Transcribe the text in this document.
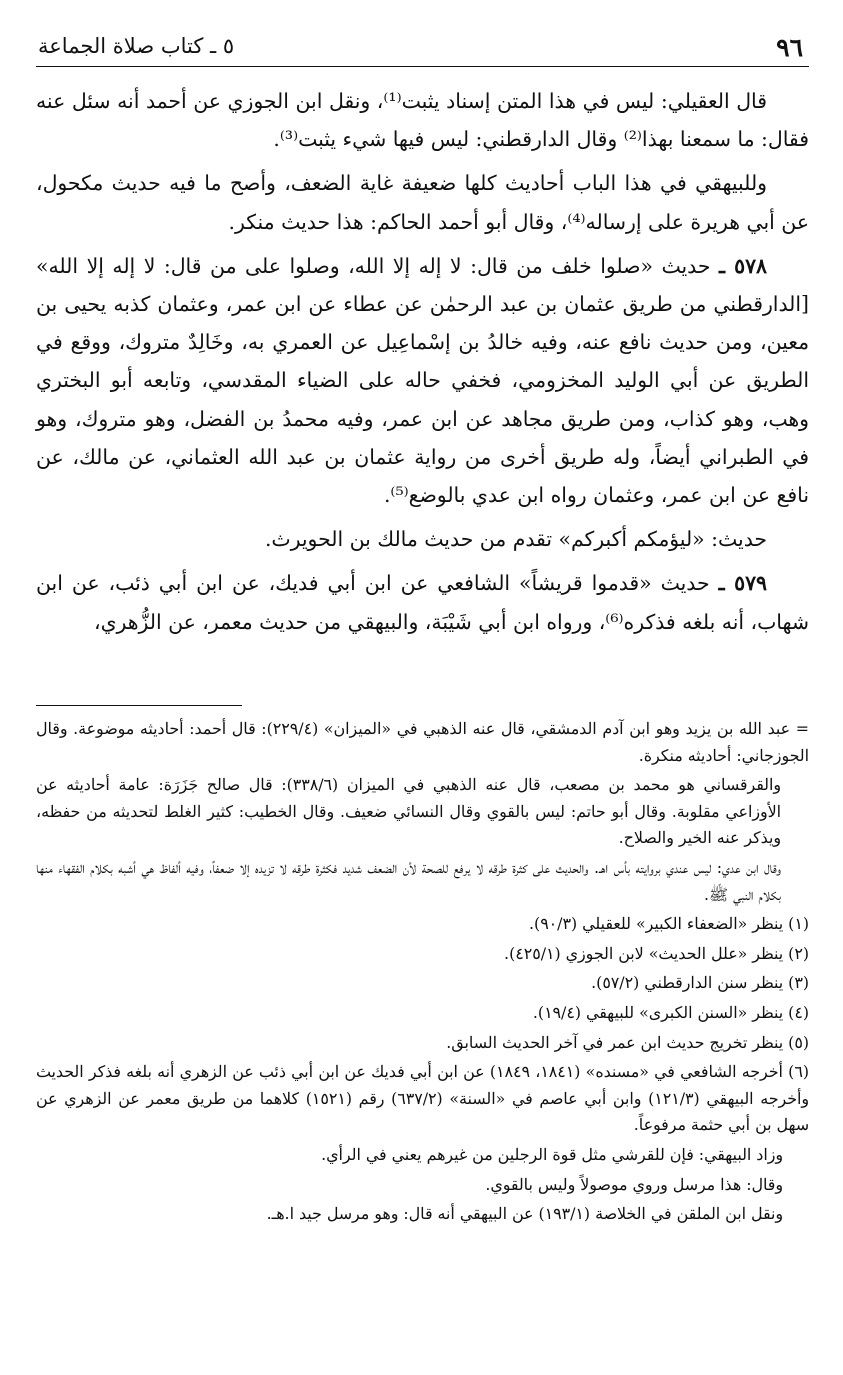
٩٦
٥ ـ كتاب صلاة الجماعة

قال العقيلي: ليس في هذا المتن إسناد يثبت⁽¹⁾، ونقل ابن الجوزي عن أحمد أنه سئل عنه فقال: ما سمعنا بهذا⁽²⁾ وقال الدارقطني: ليس فيها شيء يثبت⁽³⁾.

وللبيهقي في هذا الباب أحاديث كلها ضعيفة غاية الضعف، وأصح ما فيه حديث مكحول، عن أبي هريرة على إرساله⁽⁴⁾، وقال أبو أحمد الحاكم: هذا حديث منكر.

٥٧٨ ـ حديث «صلوا خلف من قال: لا إله إلا الله، وصلوا على من قال: لا إله إلا الله» [الدارقطني من طريق عثمان بن عبد الرحمٰن عن عطاء عن ابن عمر، وعثمان كذبه يحيى بن معين، ومن حديث نافع عنه، وفيه خالدُ بن إسْماعِيل عن العمري به، وخَالِدٌ متروك، ووقع في الطريق عن أبي الوليد المخزومي، فخفي حاله على الضياء المقدسي، وتابعه أبو البختري وهب، وهو كذاب، ومن طريق مجاهد عن ابن عمر، وفيه محمدُ بن الفضل، وهو متروك، وهو في الطبراني أيضاً، وله طريق أخرى من رواية عثمان بن عبد الله العثماني، عن مالك، عن نافع عن ابن عمر، وعثمان رواه ابن عدي بالوضع⁽⁵⁾.

حديث: «ليؤمكم أكبركم» تقدم من حديث مالك بن الحويرث.

٥٧٩ ـ حديث «قدموا قريشاً» الشافعي عن ابن أبي فديك، عن ابن أبي ذئب، عن ابن شهاب، أنه بلغه فذكره⁽⁶⁾، ورواه ابن أبي شَيْبَة، والبيهقي من حديث معمر، عن الزُّهري،

= عبد الله بن يزيد وهو ابن آدم الدمشقي، قال عنه الذهبي في «الميزان» (٢٢٩/٤): قال أحمد: أحاديثه موضوعة. وقال الجوزجاني: أحاديثه منكرة.

والقرقساني هو محمد بن مصعب، قال عنه الذهبي في الميزان (٣٣٨/٦): قال صالح جَزَرَة: عامة أحاديثه عن الأوزاعي مقلوبة. وقال أبو حاتم: ليس بالقوي وقال النسائي ضعيف. وقال الخطيب: كثير الغلط لتحديثه من حفظه، ويذكر عنه الخير والصلاح.

وقال ابن عدي: ليس عندي بروايته بأس اهـ. والحديث على كثرة طرقه لا يرفع للصحة لأن الضعف شديد فكثرة طرقه لا تزيده إلا ضعفاً، وفيه ألفاظ هي أشبه بكلام الفقهاء منها بكلام النبي ﷺ.

(١) ينظر «الضعفاء الكبير» للعقيلي (٩٠/٣).

(٢) ينظر «علل الحديث» لابن الجوزي (٤٢٥/١).

(٣) ينظر سنن الدارقطني (٥٧/٢).

(٤) ينظر «السنن الكبرى» للبيهقي (١٩/٤).

(٥) ينظر تخريج حديث ابن عمر في آخر الحديث السابق.

(٦) أخرجه الشافعي في «مسنده» (١٨٤١، ١٨٤٩) عن ابن أبي فديك عن ابن أبي ذئب عن الزهري أنه بلغه فذكر الحديث وأخرجه البيهقي (١٢١/٣) وابن أبي عاصم في «السنة» (٦٣٧/٢) رقم (١٥٢١) كلاهما من طريق معمر عن الزهري عن سهل بن أبي حثمة مرفوعاً.

وزاد البيهقي: فإن للقرشي مثل قوة الرجلين من غيرهم يعني في الرأي.

وقال: هذا مرسل وروي موصولاً وليس بالقوي.

ونقل ابن الملقن في الخلاصة (١٩٣/١) عن البيهقي أنه قال: وهو مرسل جيد ا.هـ.
